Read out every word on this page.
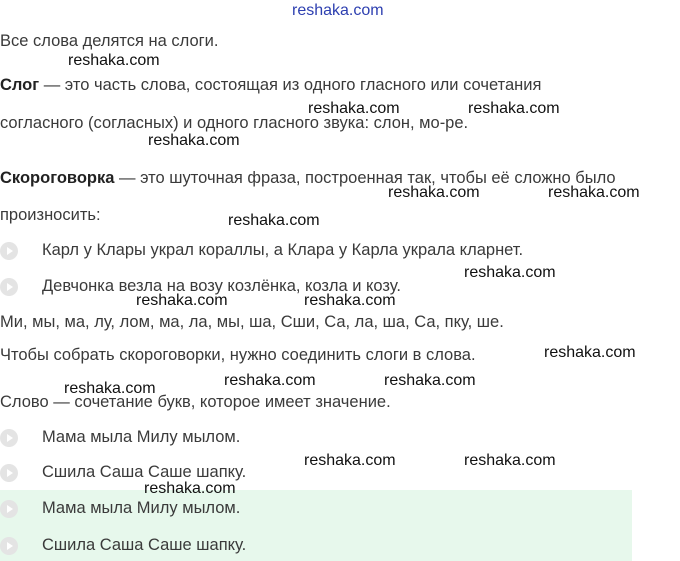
reshaka.com
Все слова делятся на слоги.
reshaka.com
Слог — это часть слова, состоящая из одного гласного или сочетания
reshaka.com	reshaka.com
согласного (согласных) и одного гласного звука: слон, мо-ре.
reshaka.com
Скороговорка — это шуточная фраза, построенная так, чтобы её сложно было
reshaka.com	reshaka.com
произносить:	reshaka.com
Карл у Клары украл кораллы, а Клара у Карла украла кларнет.
reshaka.com
Девчонка везла на возу козлёнка, козла и козу.
reshaka.com	reshaka.com
Ми, мы, ма, лу, лом, ма, ла, мы, ша, Сши, Са, ла, ша, Са, пку, ше.
Чтобы собрать скороговорки, нужно соединить слоги в слова.	reshaka.com
reshaka.com	reshaka.com
reshaka.com
Слово — сочетание букв, которое имеет значение.
Мама мыла Милу мылом.
reshaka.com	reshaka.com
Сшила Саша Саше шапку.
reshaka.com
Мама мыла Милу мылом.
Сшила Саша Саше шапку.
